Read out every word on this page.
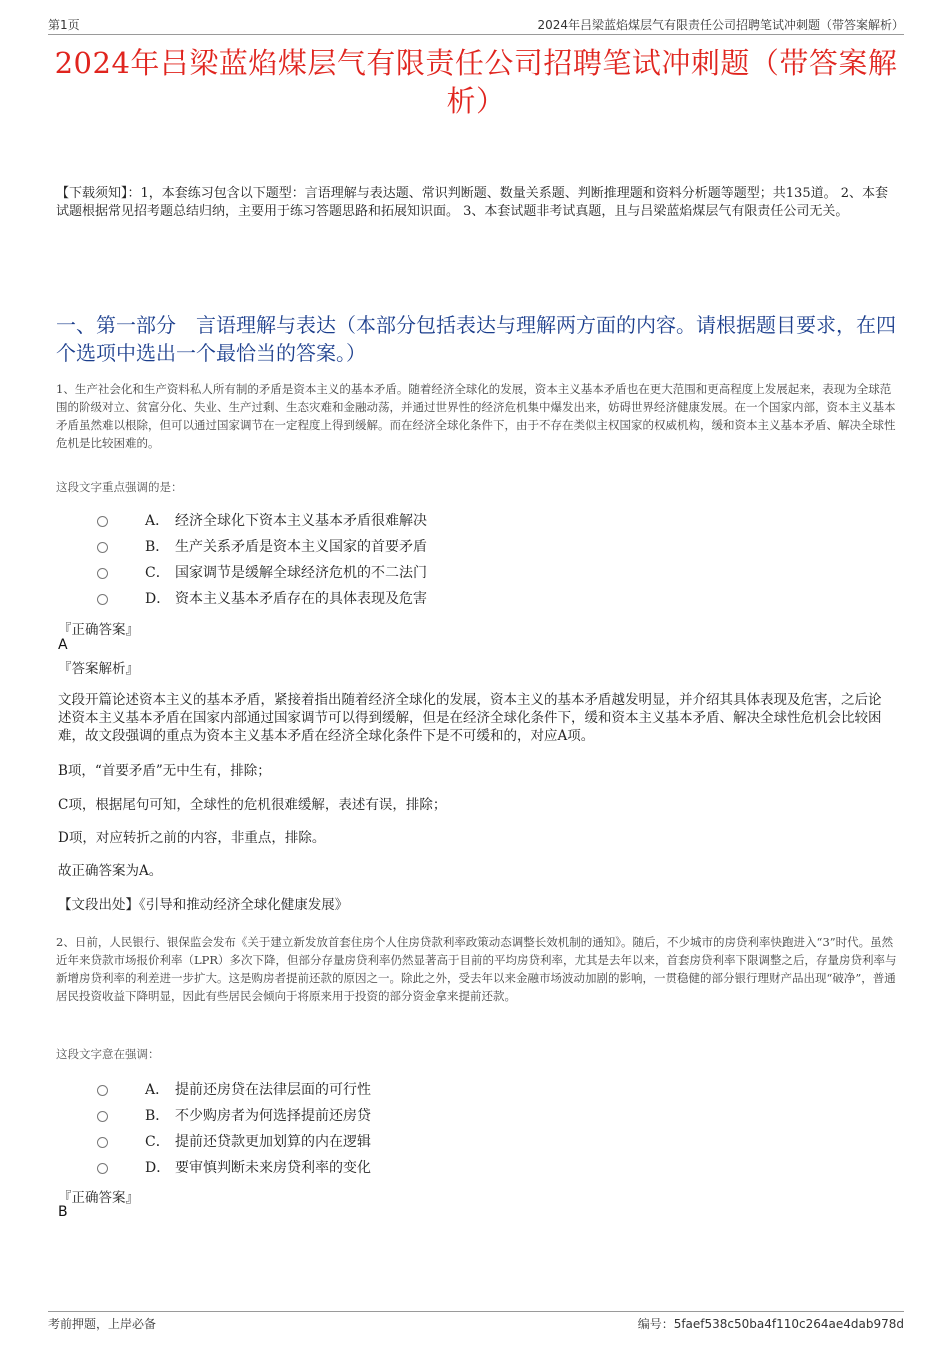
第1页	2024年吕梁蓝焰煤层气有限责任公司招聘笔试冲刺题（带答案解析）
2024年吕梁蓝焰煤层气有限责任公司招聘笔试冲刺题（带答案解析）
【下载须知】：1，本套练习包含以下题型：言语理解与表达题、常识判断题、数量关系题、判断推理题和资料分析题等题型；共135道。 2、本套试题根据常见招考题总结归纳，主要用于练习答题思路和拓展知识面。 3、本套试题非考试真题，且与吕梁蓝焰煤层气有限责任公司无关。
一、第一部分　言语理解与表达（本部分包括表达与理解两方面的内容。请根据题目要求，在四个选项中选出一个最恰当的答案。）
1、生产社会化和生产资料私人所有制的矛盾是资本主义的基本矛盾。随着经济全球化的发展，资本主义基本矛盾也在更大范围和更高程度上发展起来，表现为全球范围的阶级对立、贫富分化、失业、生产过剩、生态灾难和金融动荡，并通过世界性的经济危机集中爆发出来，妨碍世界经济健康发展。在一个国家内部，资本主义基本矛盾虽然难以根除，但可以通过国家调节在一定程度上得到缓解。而在经济全球化条件下，由于不存在类似主权国家的权威机构，缓和资本主义基本矛盾、解决全球性危机是比较困难的。
这段文字重点强调的是：
A． 经济全球化下资本主义基本矛盾很难解决
B． 生产关系矛盾是资本主义国家的首要矛盾
C． 国家调节是缓解全球经济危机的不二法门
D． 资本主义基本矛盾存在的具体表现及危害
『正确答案』
A
『答案解析』
文段开篇论述资本主义的基本矛盾，紧接着指出随着经济全球化的发展，资本主义的基本矛盾越发明显，并介绍其具体表现及危害，之后论述资本主义基本矛盾在国家内部通过国家调节可以得到缓解，但是在经济全球化条件下，缓和资本主义基本矛盾、解决全球性危机会比较困难，故文段强调的重点为资本主义基本矛盾在经济全球化条件下是不可缓和的，对应A项。
B项，“首要矛盾”无中生有，排除；
C项，根据尾句可知，全球性的危机很难缓解，表述有误，排除；
D项，对应转折之前的内容，非重点，排除。
故正确答案为A。
【文段出处】《引导和推动经济全球化健康发展》
2、日前，人民银行、银保监会发布《关于建立新发放首套住房个人住房贷款利率政策动态调整长效机制的通知》。随后，不少城市的房贷利率快跑进入“3”时代。虽然近年来贷款市场报价利率（LPR）多次下降，但部分存量房贷利率仍然显著高于目前的平均房贷利率，尤其是去年以来，首套房贷利率下限调整之后，存量房贷利率与新增房贷利率的利差进一步扩大。这是购房者提前还款的原因之一。除此之外，受去年以来金融市场波动加剧的影响，一贯稳健的部分银行理财产品出现“破净”，普通居民投资收益下降明显，因此有些居民会倾向于将原来用于投资的部分资金拿来提前还款。
这段文字意在强调：
A． 提前还房贷在法律层面的可行性
B． 不少购房者为何选择提前还房贷
C． 提前还贷款更加划算的内在逻辑
D． 要审慎判断未来房贷利率的变化
『正确答案』
B
考前押题，上岸必备	编号：5faef538c50ba4f110c264ae4dab978d
